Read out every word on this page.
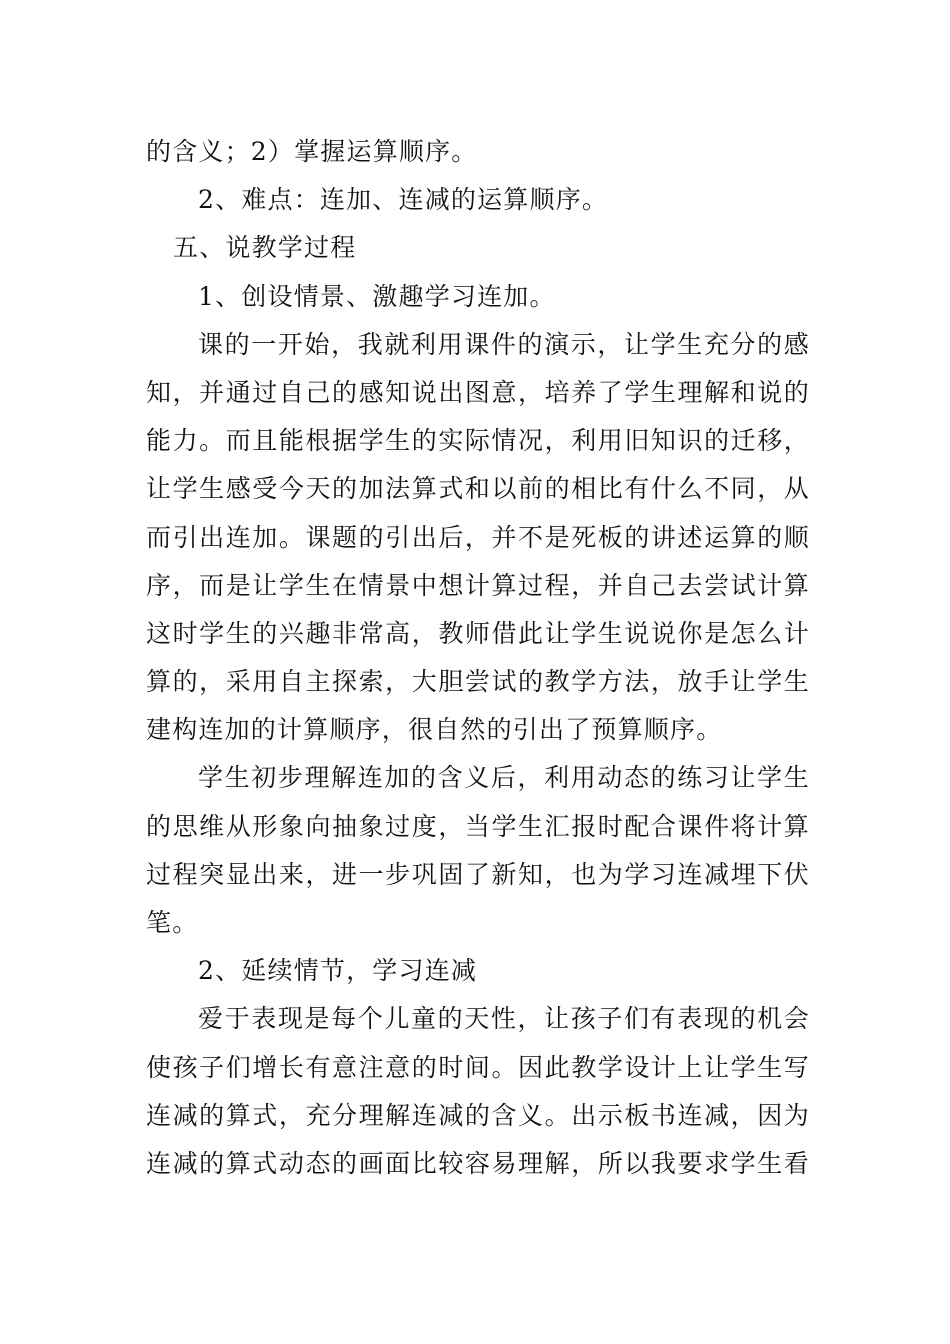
的含义；2）掌握运算顺序。
2、难点：连加、连减的运算顺序。
五、说教学过程
1、创设情景、激趣学习连加。
课的一开始，我就利用课件的演示，让学生充分的感
知，并通过自己的感知说出图意，培养了学生理解和说的
能力。而且能根据学生的实际情况，利用旧知识的迁移，
让学生感受今天的加法算式和以前的相比有什么不同，从
而引出连加。课题的引出后，并不是死板的讲述运算的顺
序，而是让学生在情景中想计算过程，并自己去尝试计算
这时学生的兴趣非常高，教师借此让学生说说你是怎么计
算的，采用自主探索，大胆尝试的教学方法，放手让学生
建构连加的计算顺序，很自然的引出了预算顺序。
学生初步理解连加的含义后，利用动态的练习让学生
的思维从形象向抽象过度，当学生汇报时配合课件将计算
过程突显出来，进一步巩固了新知，也为学习连减埋下伏
笔。
2、延续情节，学习连减
爱于表现是每个儿童的天性，让孩子们有表现的机会
使孩子们增长有意注意的时间。因此教学设计上让学生写
连减的算式，充分理解连减的含义。出示板书连减，因为
连减的算式动态的画面比较容易理解，所以我要求学生看
